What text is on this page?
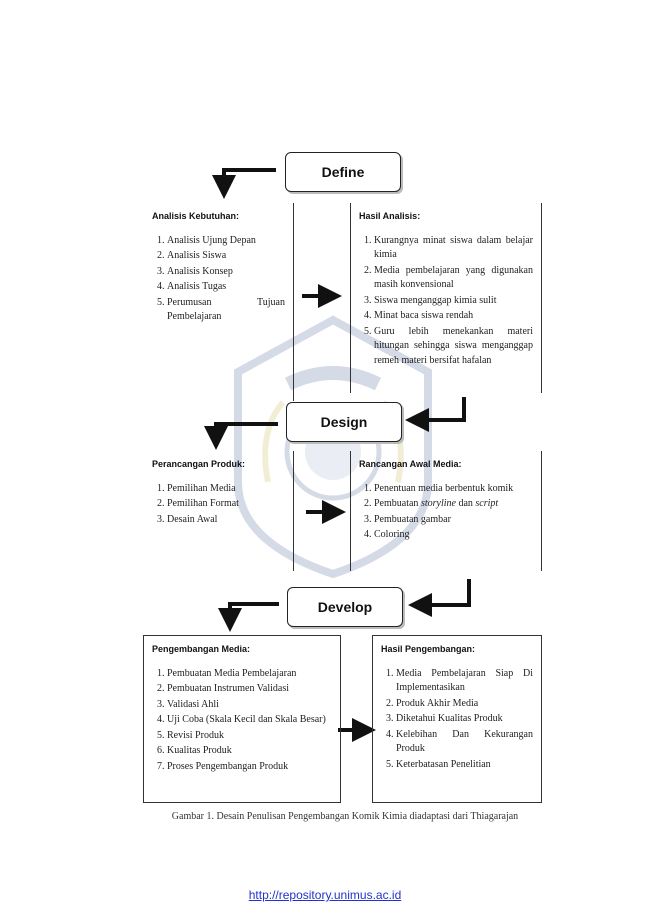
Define
Design
Develop
Analisis Kebutuhan:
1. Analisis Ujung Depan
2. Analisis Siswa
3. Analisis Konsep
4. Analisis Tugas
5. Perumusan Tujuan Pembelajaran
Hasil Analisis:
1. Kurangnya minat siswa dalam belajar kimia
2. Media pembelajaran yang digunakan masih konvensional
3. Siswa menganggap kimia sulit
4. Minat baca siswa rendah
5. Guru lebih menekankan materi hitungan sehingga siswa menganggap remeh materi bersifat hafalan
Perancangan Produk:
1. Pemilihan Media
2. Pemilihan Format
3. Desain Awal
Rancangan Awal Media:
1. Penentuan media berbentuk komik
2. Pembuatan storyline dan script
3. Pembuatan gambar
4. Coloring
Pengembangan Media:
1. Pembuatan Media Pembelajaran
2. Pembuatan Instrumen Validasi
3. Validasi Ahli
4. Uji Coba (Skala Kecil dan Skala Besar)
5. Revisi Produk
6. Kualitas Produk
7. Proses Pengembangan Produk
Hasil Pengembangan:
1. Media Pembelajaran Siap Di Implementasikan
2. Produk Akhir Media
3. Diketahui Kualitas Produk
4. Kelebihan Dan Kekurangan Produk
5. Keterbatasan Penelitian
Gambar 1. Desain Penulisan Pengembangan Komik Kimia diadaptasi dari Thiagarajan
http://repository.unimus.ac.id
